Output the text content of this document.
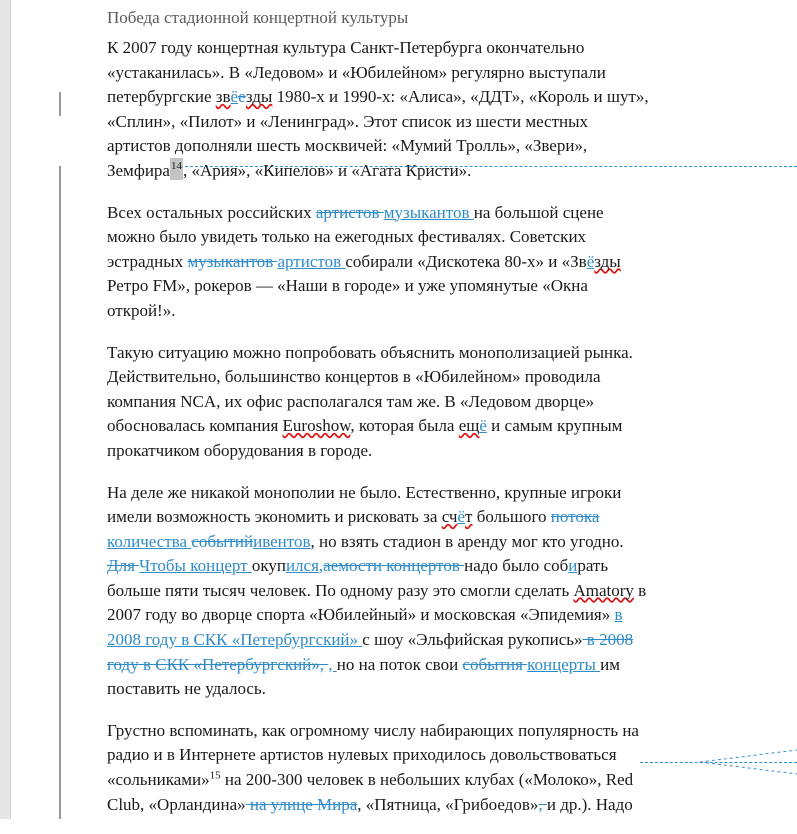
Победа стадионной концертной культуры
К 2007 году концертная культура Санкт-Петербурга окончательно
«устаканилась». В «Ледовом» и «Юбилейном» регулярно выступали
петербургские звёезды 1980-х и 1990-х: «Алиса», «ДДТ», «Король и шут»,
«Сплин», «Пилот» и «Ленинград». Этот список из шести местных
артистов дополняли шесть москвичей: «Мумий Тролль», «Звери»,
Земфира$^{14}$, «Ария», «Кипелов» и «Агата Кристи».
Всех остальных российских артистов музыкантов на большой сцене
можно было увидеть только на ежегодных фестивалях. Советских
эстрадных музыкантов артистов собирали «Дискотека 80-х» и «Звёзды
Ретро FM», рокеров — «Наши в городе» и уже упомянутые «Окна
открой!».
Такую ситуацию можно попробовать объяснить монополизацией рынка.
Действительно, большинство концертов в «Юбилейном» проводила
компания NCA, их офис располагался там же. В «Ледовом дворце»
обосновалась компания Euroshow, которая была ещё и самым крупным
прокатчиком оборудования в городе.
На деле же никакой монополии не было. Естественно, крупные игроки
имели возможность экономить и рисковать за счёт большого потока
количества событийивентов, но взять стадион в аренду мог кто угодно.
Для Чтобы концерт окупился,аемости концертов надо было собирать
больше пяти тысяч человек. По одному разу это смогли сделать Amatory в
2007 году во дворце спорта «Юбилейный» и московская «Эпидемия» в
2008 году в СКК «Петербургский» с шоу «Эльфийская рукопись» в 2008
году в СКК «Петербургский», , но на поток свои события концерты им
поставить не удалось.
Грустно вспоминать, как огромному числу набирающих популярность на
радио и в Интернете артистов нулевых приходилось довольствоваться
«сольниками»$^{15}$ на 200-300 человек в небольших клубах («Молоко», Red
Club, «Орландина» на улице Мира, «Пятница, «Грибоедов», и др.). Надо
